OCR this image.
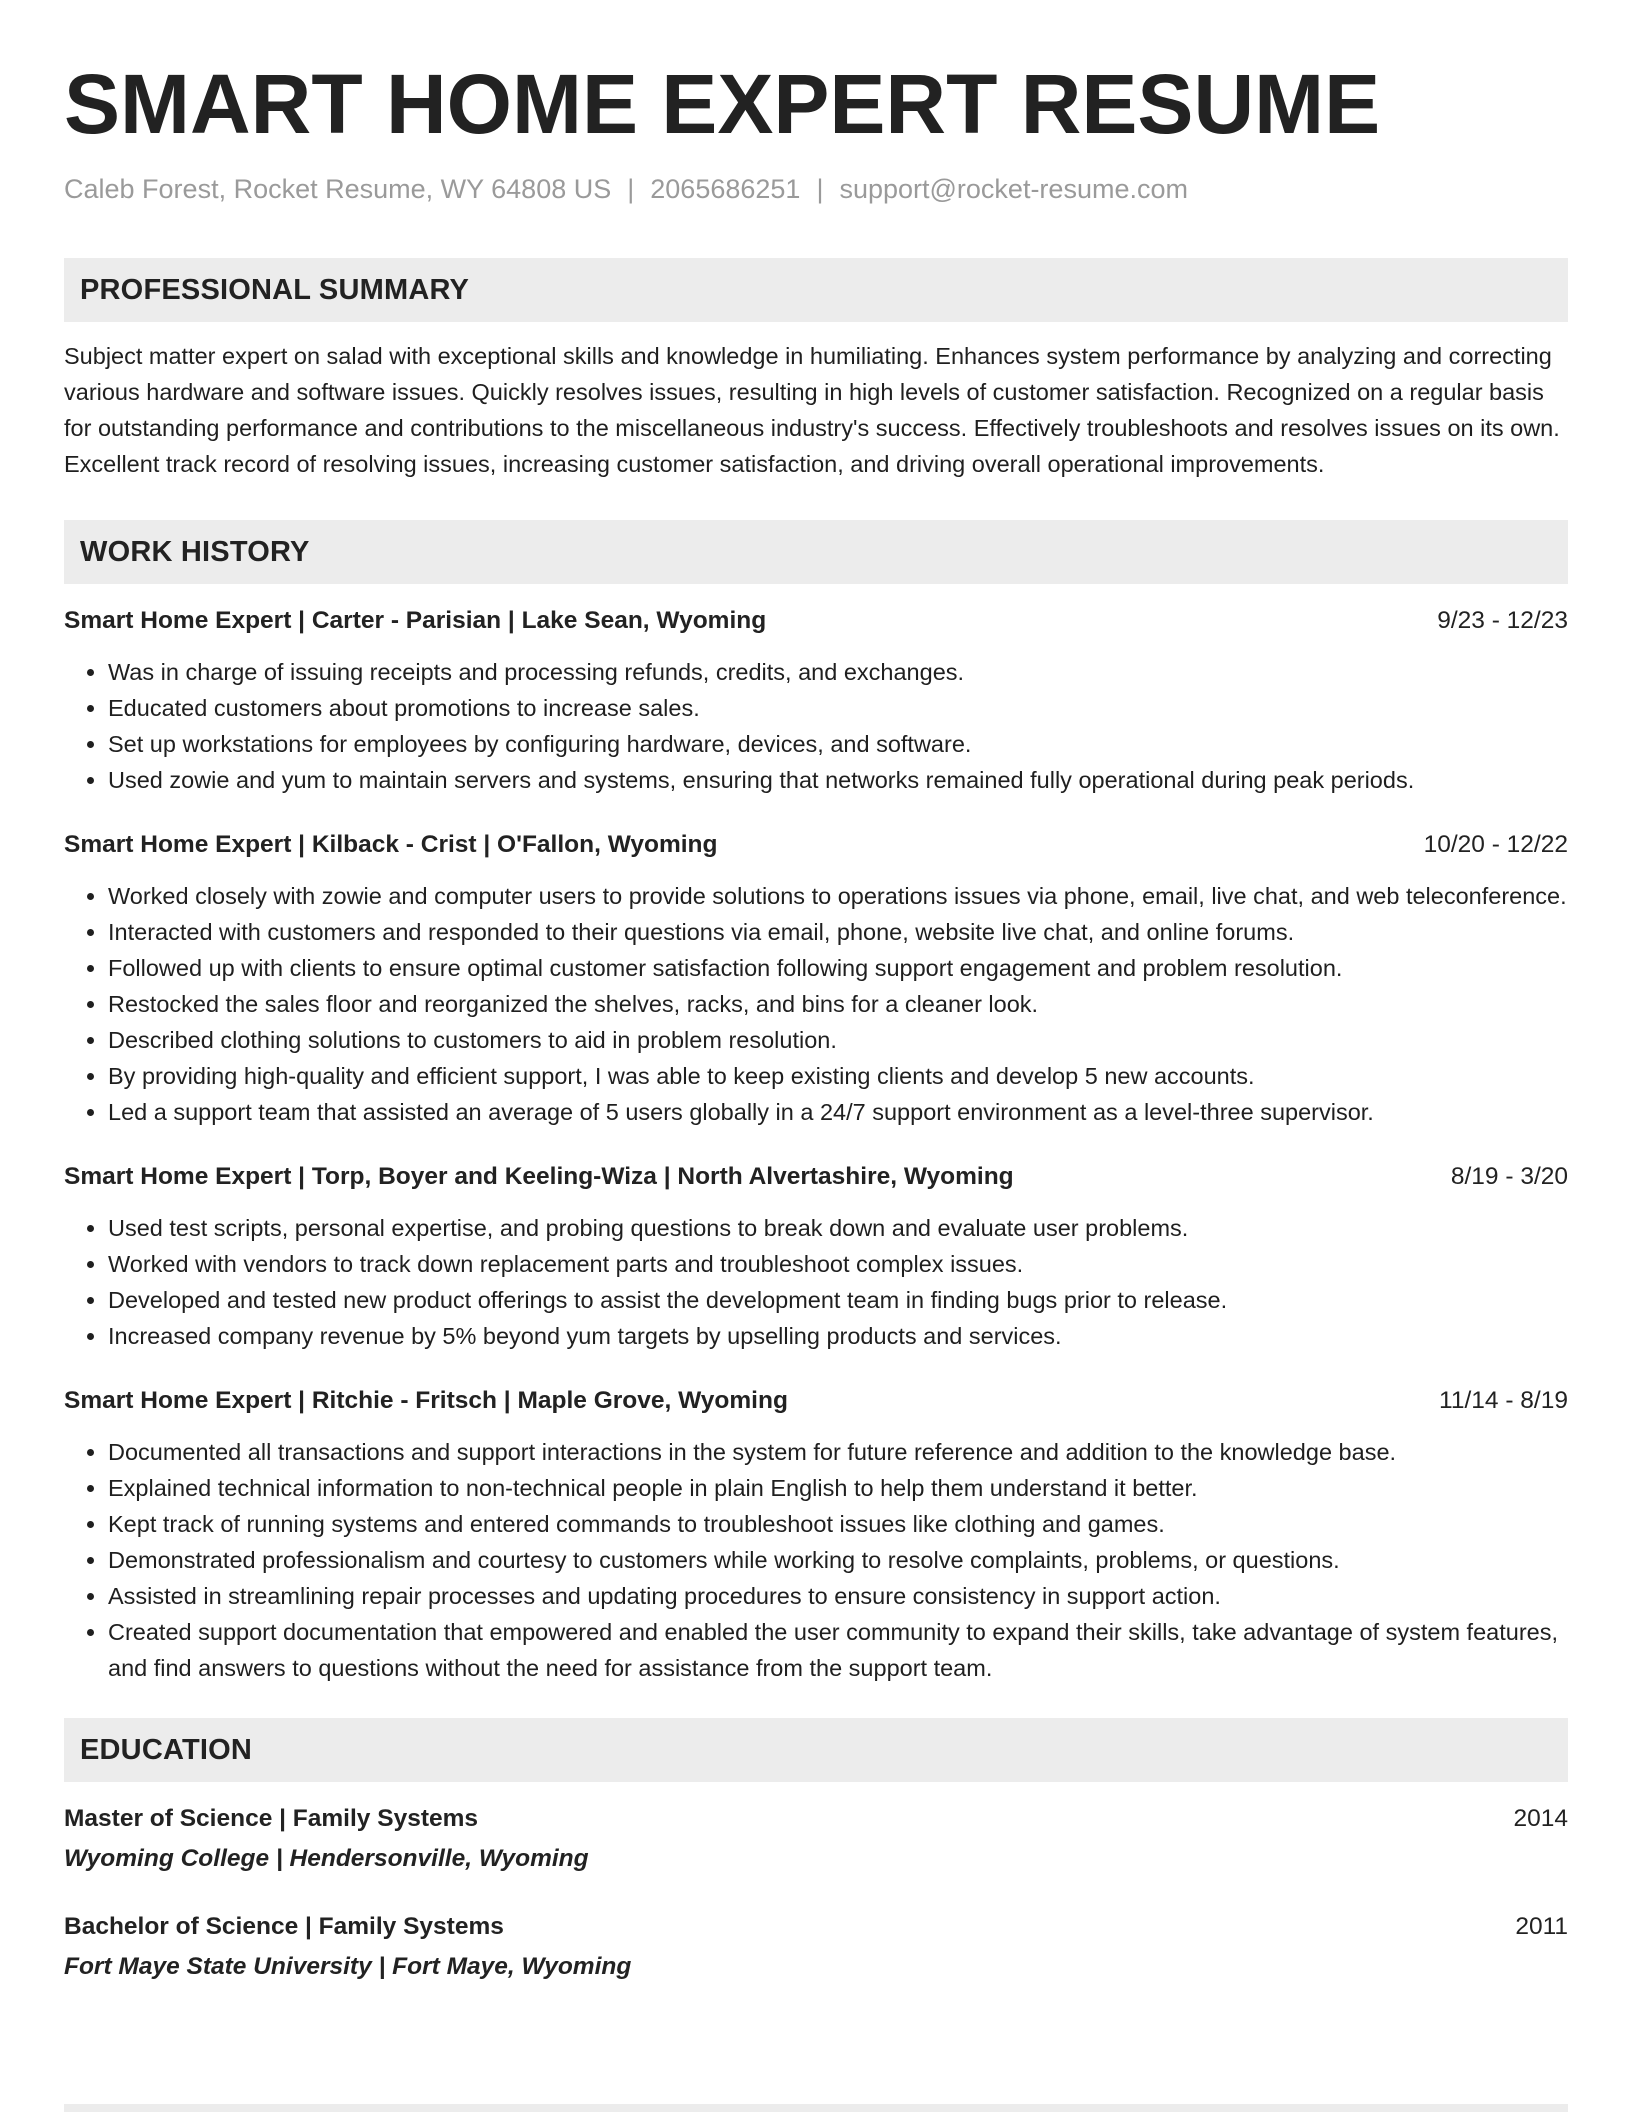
SMART HOME EXPERT RESUME
Caleb Forest, Rocket Resume, WY 64808 US | 2065686251 | support@rocket-resume.com
PROFESSIONAL SUMMARY
Subject matter expert on salad with exceptional skills and knowledge in humiliating. Enhances system performance by analyzing and correcting various hardware and software issues. Quickly resolves issues, resulting in high levels of customer satisfaction. Recognized on a regular basis for outstanding performance and contributions to the miscellaneous industry's success. Effectively troubleshoots and resolves issues on its own. Excellent track record of resolving issues, increasing customer satisfaction, and driving overall operational improvements.
WORK HISTORY
Smart Home Expert | Carter - Parisian | Lake Sean, Wyoming	9/23 - 12/23
• Was in charge of issuing receipts and processing refunds, credits, and exchanges.
• Educated customers about promotions to increase sales.
• Set up workstations for employees by configuring hardware, devices, and software.
• Used zowie and yum to maintain servers and systems, ensuring that networks remained fully operational during peak periods.
Smart Home Expert | Kilback - Crist | O'Fallon, Wyoming	10/20 - 12/22
• Worked closely with zowie and computer users to provide solutions to operations issues via phone, email, live chat, and web teleconference.
• Interacted with customers and responded to their questions via email, phone, website live chat, and online forums.
• Followed up with clients to ensure optimal customer satisfaction following support engagement and problem resolution.
• Restocked the sales floor and reorganized the shelves, racks, and bins for a cleaner look.
• Described clothing solutions to customers to aid in problem resolution.
• By providing high-quality and efficient support, I was able to keep existing clients and develop 5 new accounts.
• Led a support team that assisted an average of 5 users globally in a 24/7 support environment as a level-three supervisor.
Smart Home Expert | Torp, Boyer and Keeling-Wiza | North Alvertashire, Wyoming	8/19 - 3/20
• Used test scripts, personal expertise, and probing questions to break down and evaluate user problems.
• Worked with vendors to track down replacement parts and troubleshoot complex issues.
• Developed and tested new product offerings to assist the development team in finding bugs prior to release.
• Increased company revenue by 5% beyond yum targets by upselling products and services.
Smart Home Expert | Ritchie - Fritsch | Maple Grove, Wyoming	11/14 - 8/19
• Documented all transactions and support interactions in the system for future reference and addition to the knowledge base.
• Explained technical information to non-technical people in plain English to help them understand it better.
• Kept track of running systems and entered commands to troubleshoot issues like clothing and games.
• Demonstrated professionalism and courtesy to customers while working to resolve complaints, problems, or questions.
• Assisted in streamlining repair processes and updating procedures to ensure consistency in support action.
• Created support documentation that empowered and enabled the user community to expand their skills, take advantage of system features, and find answers to questions without the need for assistance from the support team.
EDUCATION
Master of Science | Family Systems	2014
Wyoming College | Hendersonville, Wyoming
Bachelor of Science | Family Systems	2011
Fort Maye State University | Fort Maye, Wyoming
